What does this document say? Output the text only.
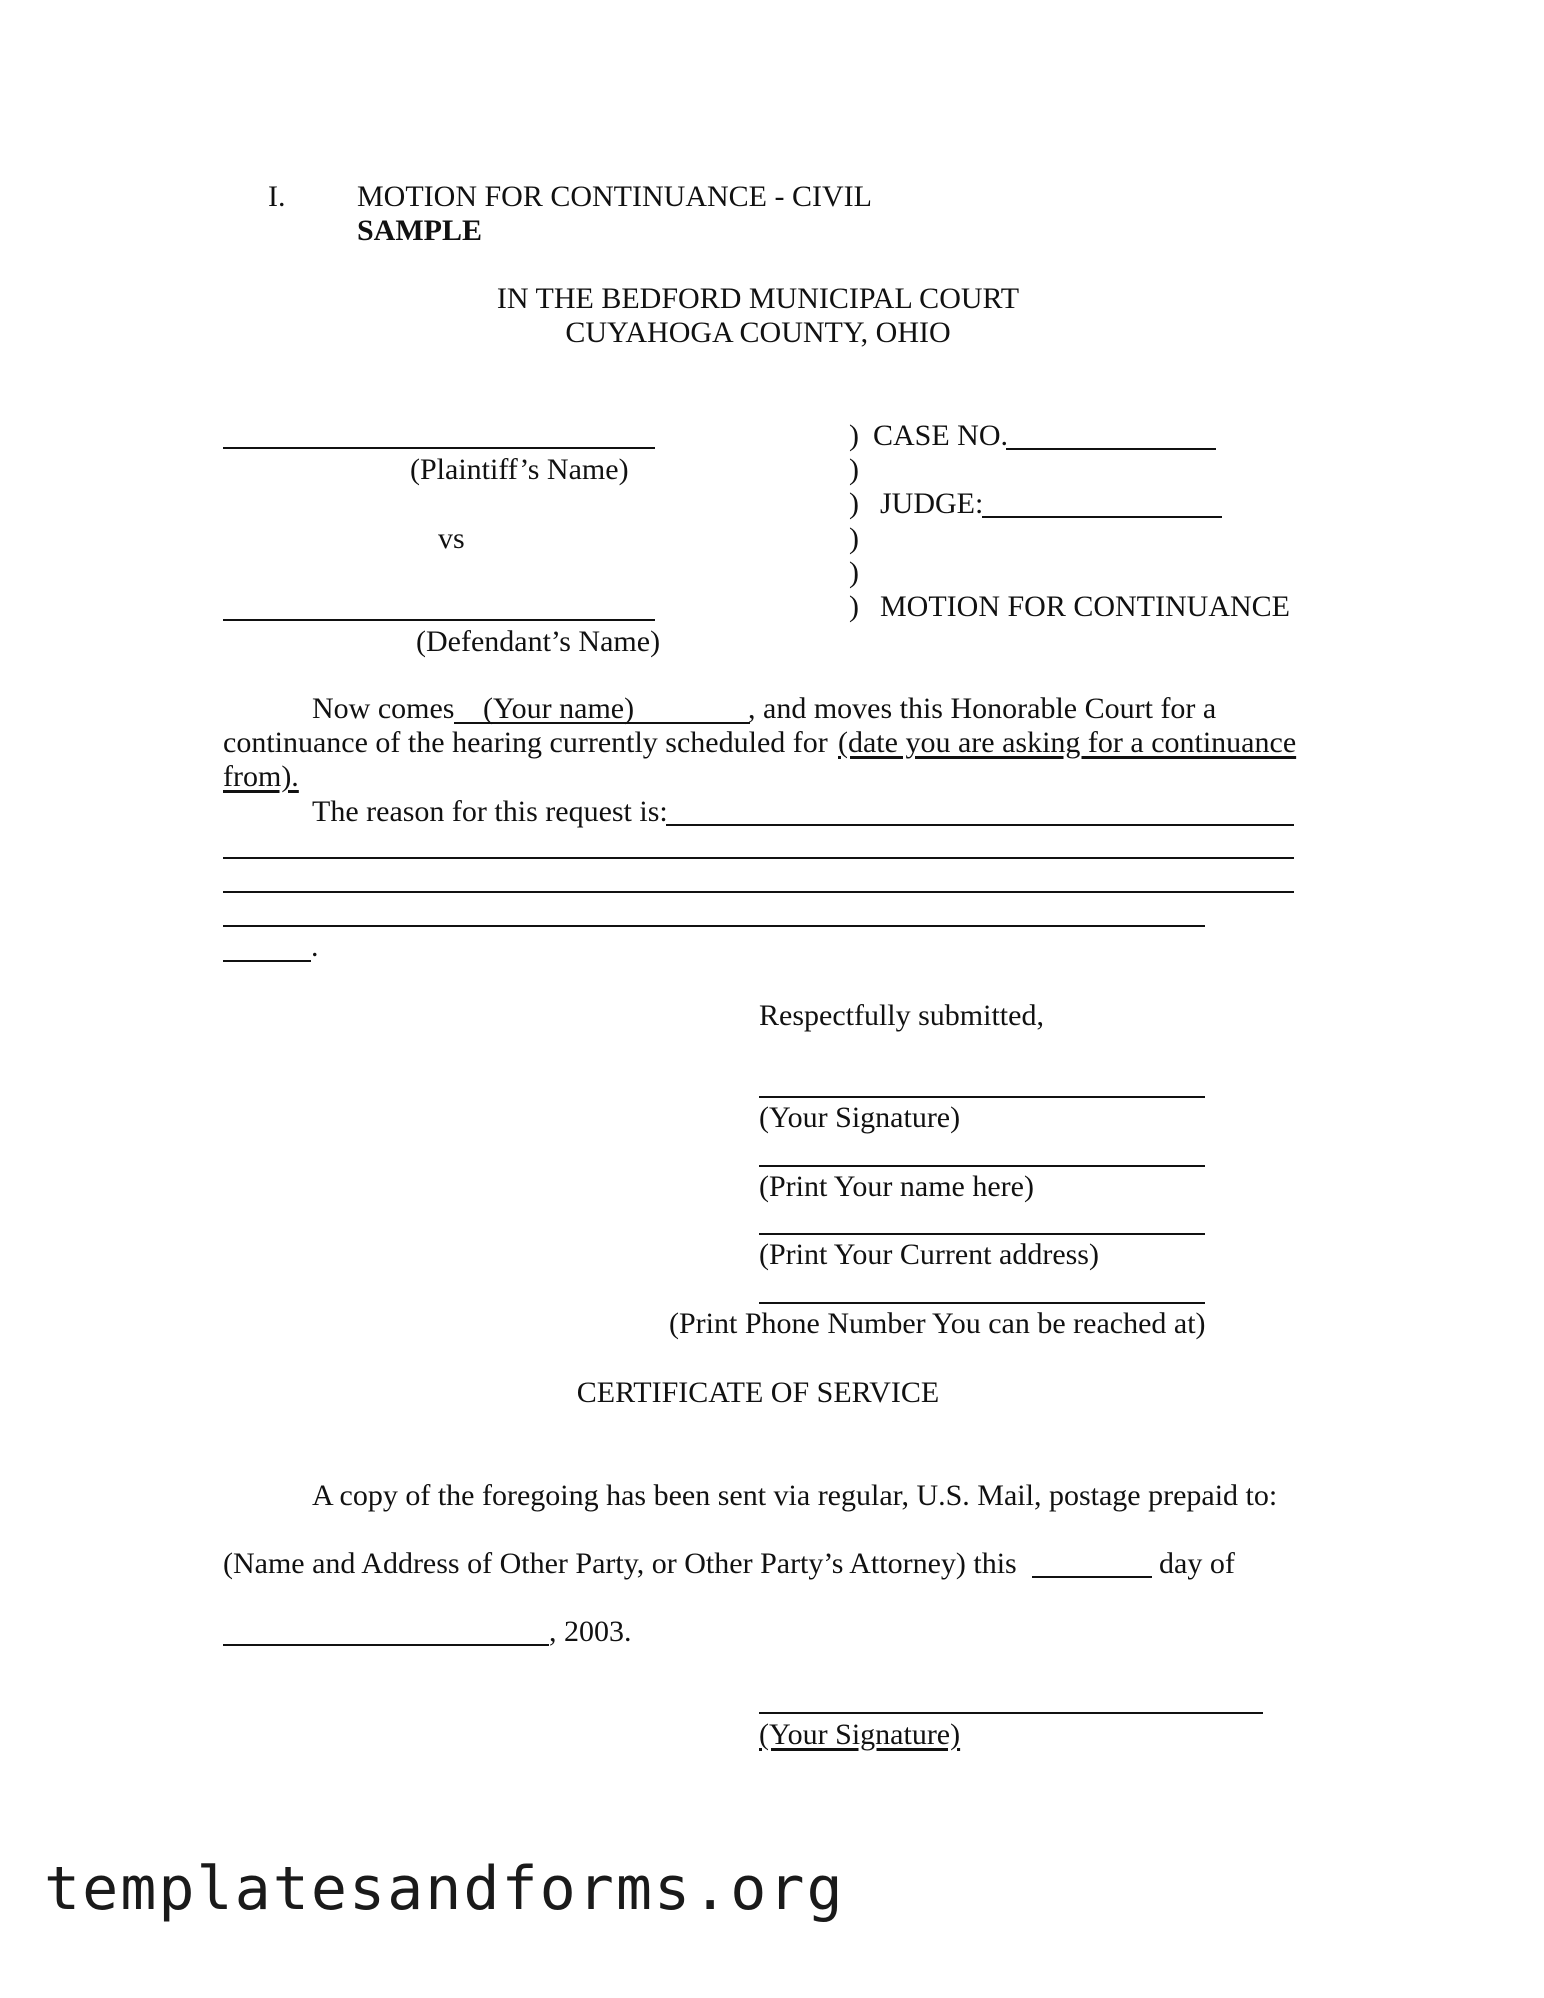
I. MOTION FOR CONTINUANCE - CIVIL
SAMPLE
IN THE BEDFORD MUNICIPAL COURT
CUYAHOGA COUNTY, OHIO
(Plaintiff’s Name)
vs
(Defendant’s Name)
)
)
)
)
)
)
CASE NO.
JUDGE:
MOTION FOR CONTINUANCE
Now comes (Your name)	, and moves this Honorable Court for a
continuance of the hearing currently scheduled for (date you are asking for a continuance
from).
The reason for this request is:
.
Respectfully submitted,
(Your Signature)
(Print Your name here)
(Print Your Current address)
(Print Phone Number You can be reached at)
CERTIFICATE OF SERVICE
A copy of the foregoing has been sent via regular, U.S. Mail, postage prepaid to:
(Name and Address of Other Party, or Other Party’s Attorney) this	day of
, 2003.
(Your Signature)
templatesandforms.org
